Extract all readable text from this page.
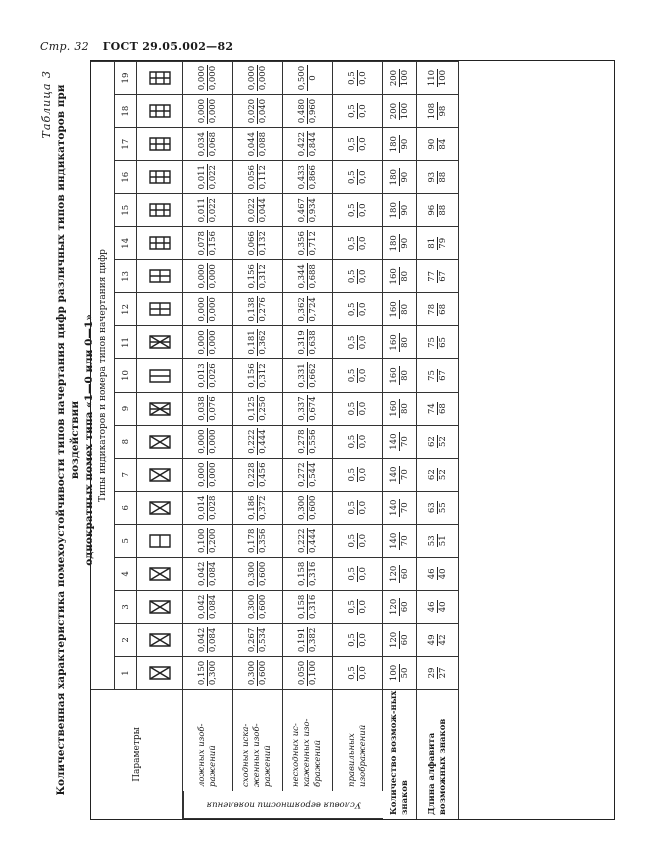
Стр. 32 ГОСТ 29.05.002—82
Таблица 3 Количественная характеристика помехоустойчивости типов начертания цифр различных типов индикаторов при воздействии однократных помех типа «1—0 или 0—1»
Параметры
Типы индикаторов и номера типов начертания цифр
1
2
3
4
5
6
7
8
9
10
11
12
13
14
15
16
17
18
19
Условия вероятности появления
ложных изоб-ражений
0,150 0,300
0,042 0,084
0,042 0,084
0,042 0,084
0,100 0,200
0,014 0,028
0,000 0,000
0,000 0,000
0,038 0,076
0,013 0,026
0,000 0,000
0,000 0,000
0,000 0,000
0,078 0,156
0,011 0,022
0,011 0,022
0,034 0,068
0,000 0,000
0,000 0,000
сходных иска-женных изоб-ражений
0,300 0,600
0,267 0,534
0,300 0,600
0,300 0,600
0,178 0,356
0,186 0,372
0,228 0,456
0,222 0,444
0,125 0,250
0,156 0,312
0,181 0,362
0,138 0,276
0,156 0,312
0,066 0,132
0,022 0,044
0,056 0,112
0,044 0,088
0,020 0,040
0,000 0,000
несходных ис-каженных изо-бражений
0,050 0,100
0,191 0,382
0,158 0,316
0,158 0,316
0,222 0,444
0,300 0,600
0,272 0,544
0,278 0,556
0,337 0,674
0,331 0,662
0,319 0,638
0,362 0,724
0,344 0,688
0,356 0,712
0,467 0,934
0,433 0,866
0,422 0,844
0,480 0,960
0,500 0
правильных изображений
0,5 0,0
0,5 0,0
0,5 0,0
0,5 0,0
0,5 0,0
0,5 0,0
0,5 0,0
0,5 0,0
0,5 0,0
0,5 0,0
0,5 0,0
0,5 0,0
0,5 0,0
0,5 0,0
0,5 0,0
0,5 0,0
0,5 0,0
0,5 0,0
0,5 0,0
Количество возмож-ных знаков
100 50
120 60
120 60
120 60
140 70
140 70
140 70
140 70
160 80
160 80
160 80
160 80
160 80
180 90
180 90
180 90
180 90
200 100
200 100
Длина алфавита возможных знаков
29 27
49 42
46 40
46 40
53 51
63 55
62 52
62 52
74 68
75 67
75 65
78 68
77 67
81 79
96 88
93 88
90 84
108 98
110 100
